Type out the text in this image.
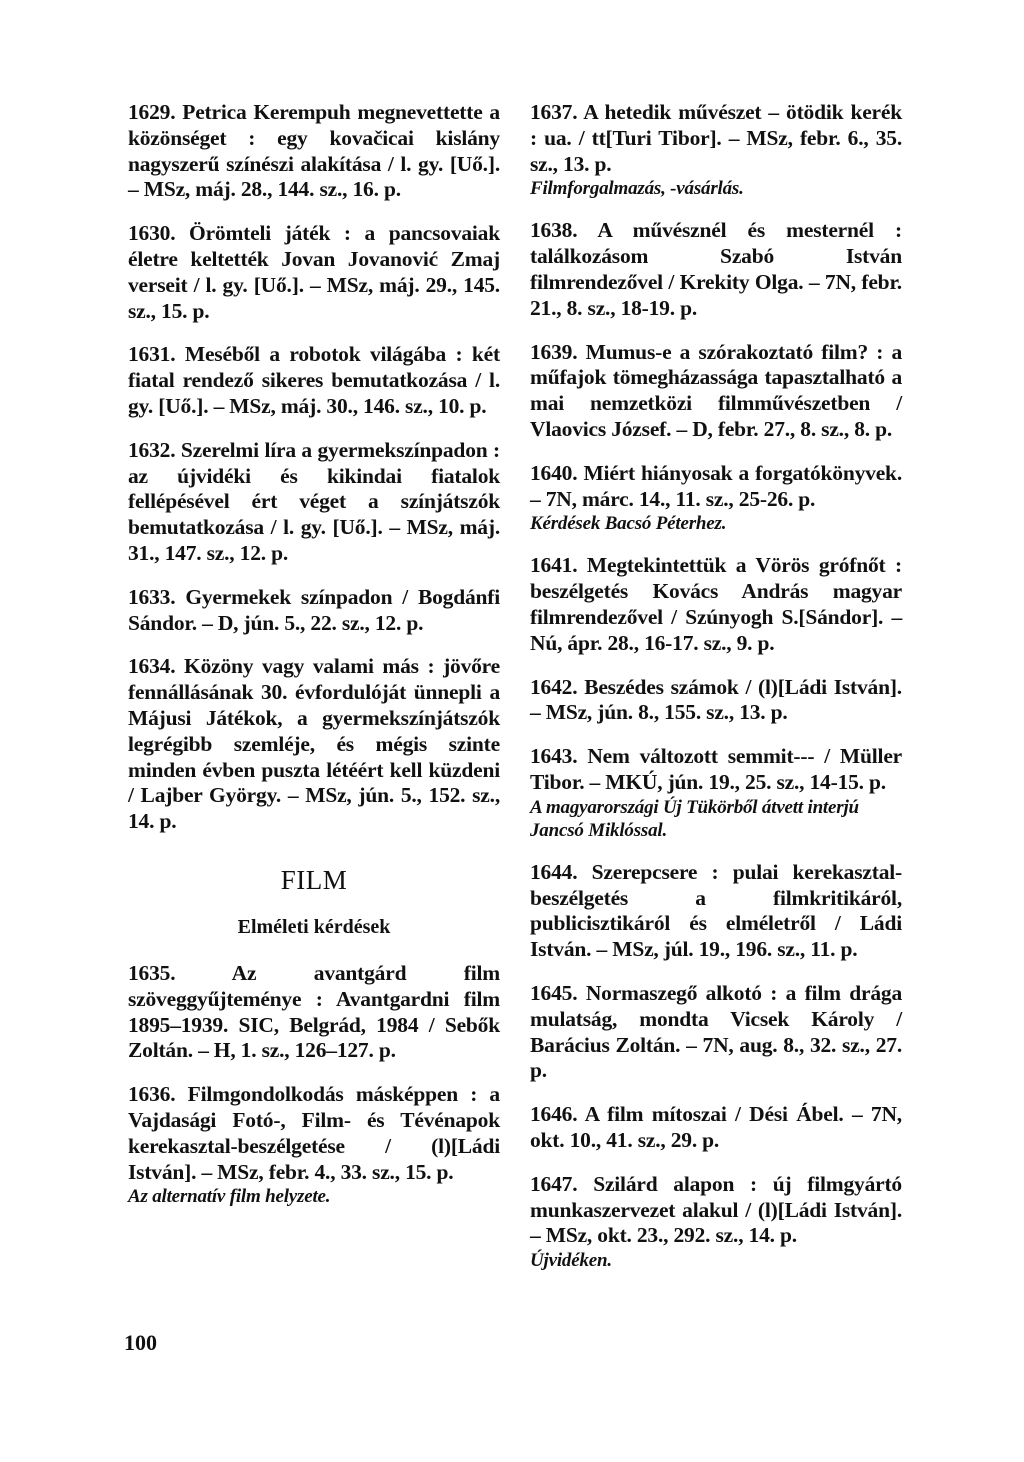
1629. Petrica Kerempuh megnevettette a közönséget : egy kovačicai kislány nagyszerű színészi alakítása / l. gy. [Uő.]. – MSz, máj. 28., 144. sz., 16. p.

1630. Örömteli játék : a pancsovaiak életre keltették Jovan Jovanović Zmaj verseit / l. gy. [Uő.]. – MSz, máj. 29., 145. sz., 15. p.

1631. Meséből a robotok világába : két fiatal rendező sikeres bemutatkozása / l. gy. [Uő.]. – MSz, máj. 30., 146. sz., 10. p.

1632. Szerelmi líra a gyermekszínpadon : az újvidéki és kikindai fiatalok fellépésével ért véget a színjátszók bemutatkozása / l. gy. [Uő.]. – MSz, máj. 31., 147. sz., 12. p.

1633. Gyermekek színpadon / Bogdánfi Sándor. – D, jún. 5., 22. sz., 12. p.

1634. Közöny vagy valami más : jövőre fennállásának 30. évfordulóját ünnepli a Májusi Játékok, a gyermekszínjátszók legrégibb szemléje, és mégis szinte minden évben puszta létéért kell küzdeni / Lajber György. – MSz, jún. 5., 152. sz., 14. p.

FILM
Elméleti kérdések

1635.	Az avantgárd film szöveggyűjteménye : Avantgardni film 1895–1939. SIC, Belgrád, 1984 / Sebők Zoltán. – H, 1. sz., 126–127. p.

1636. Filmgondolkodás másképpen : a Vajdasági Fotó-, Film- és Tévénapok kerekasztal-beszélgetése / (l)[Ládi István]. – MSz, febr. 4., 33. sz., 15. p.
Az alternatív film helyzete.

1637. A hetedik művészet – ötödik kerék : ua. / tt[Turi Tibor]. – MSz, febr. 6., 35. sz., 13. p.
Filmforgalmazás, -vásárlás.

1638. A művésznél és mesternél : találkozásom Szabó István filmrendezővel / Krekity Olga. – 7N, febr. 21., 8. sz., 18-19. p.

1639. Mumus-e a szórakoztató film? : a műfajok tömegházassága tapasztalható a mai nemzetközi filmművészetben / Vlaovics József. – D, febr. 27., 8. sz., 8. p.

1640. Miért hiányosak a forgatókönyvek. – 7N, márc. 14., 11. sz., 25-26. p.
Kérdések Bacsó Péterhez.

1641. Megtekintettük a Vörös grófnőt : beszélgetés Kovács András magyar filmrendezővel / Szúnyogh S.[Sándor]. – Nú, ápr. 28., 16-17. sz., 9. p.

1642. Beszédes számok / (l)[Ládi István]. – MSz, jún. 8., 155. sz., 13. p.

1643. Nem változott semmit--- / Müller Tibor. – MKÚ, jún. 19., 25. sz., 14-15. p.
A magyarországi Új Tükörből átvett interjú Jancsó Miklóssal.

1644. Szerepcsere : pulai kerekasztal-beszélgetés a filmkritikáról, publicisztikáról és elméletről / Ládi István. – MSz, júl. 19., 196. sz., 11. p.

1645. Normaszegő alkotó : a film drága mulatság, mondta Vicsek Károly / Barácius Zoltán. – 7N, aug. 8., 32. sz., 27. p.

1646. A film mítoszai / Dési Ábel. – 7N, okt. 10., 41. sz., 29. p.

1647. Szilárd alapon : új filmgyártó munkaszervezet alakul / (l)[Ládi István]. – MSz, okt. 23., 292. sz., 14. p.
Újvidéken.

100
